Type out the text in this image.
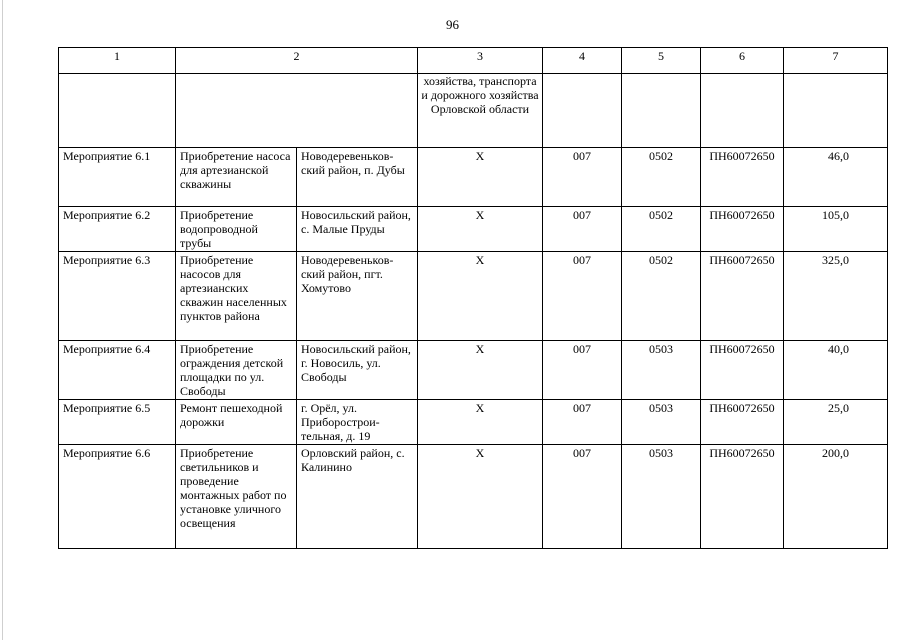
96
1	2		3	4	5	6	7
			хозяйства, транспорта и дорожного хозяйства Орловской области				
Мероприятие 6.1	Приобретение насоса для артезианской скважины	Новодеревеньков-ский район, п. Дубы	Х	007	0502	ПН60072650	46,0
Мероприятие 6.2	Приобретение водопроводной трубы	Новосильский район, с. Малые Пруды	Х	007	0502	ПН60072650	105,0
Мероприятие 6.3	Приобретение насосов для артезианских скважин населенных пунктов района	Новодеревеньков-ский район, пгт. Хомутово	Х	007	0502	ПН60072650	325,0
Мероприятие 6.4	Приобретение ограждения детской площадки по ул. Свободы	Новосильский район, г. Новосиль, ул. Свободы	Х	007	0503	ПН60072650	40,0
Мероприятие 6.5	Ремонт пешеходной дорожки	г. Орёл, ул. Приборострои-тельная, д. 19	Х	007	0503	ПН60072650	25,0
Мероприятие 6.6	Приобретение светильников и проведение монтажных работ по установке уличного освещения	Орловский район, с. Калинино	Х	007	0503	ПН60072650	200,0
